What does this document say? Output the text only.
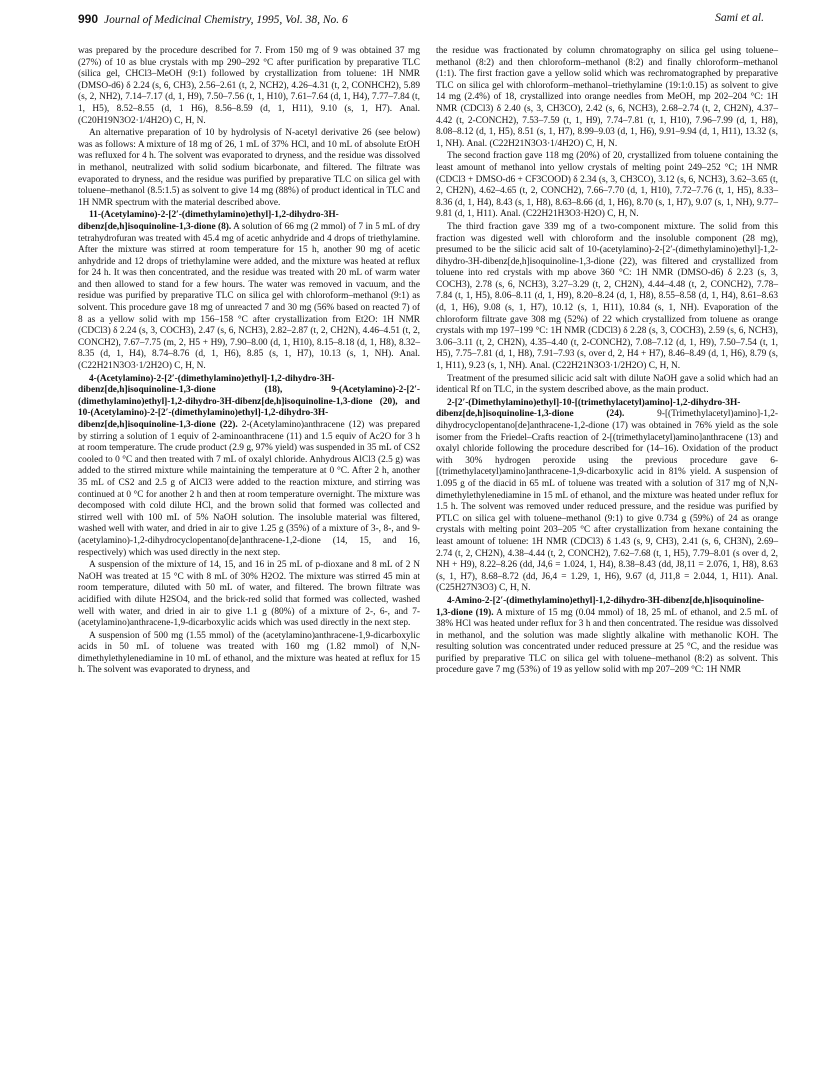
990 Journal of Medicinal Chemistry, 1995, Vol. 38, No. 6	Sami et al.

was prepared by the procedure described for 7. From 150 mg of 9 was obtained 37 mg (27%) of 10 as blue crystals with mp 290–292 °C after purification by preparative TLC (silica gel, CHCl3–MeOH (9:1) followed by crystallization from toluene: 1H NMR (DMSO-d6) δ 2.24 (s, 6, CH3), 2.56–2.61 (t, 2, NCH2), 4.26–4.31 (t, 2, CONHCH2), 5.89 (s, 2, NH2), 7.14–7.17 (d, 1, H9), 7.50–7.56 (t, 1, H10), 7.61–7.64 (d, 1, H4), 7.77–7.84 (t, 1, H5), 8.52–8.55 (d, 1 H6), 8.56–8.59 (d, 1, H11), 9.10 (s, 1, H7). Anal. (C20H19N3O2·1/4H2O) C, H, N.

An alternative preparation of 10 by hydrolysis of N-acetyl derivative 26 (see below) was as follows: A mixture of 18 mg of 26, 1 mL of 37% HCl, and 10 mL of absolute EtOH was refluxed for 4 h. The solvent was evaporated to dryness, and the residue was dissolved in methanol, neutralized with solid sodium bicarbonate, and filtered. The filtrate was evaporated to dryness, and the residue was purified by preparative TLC on silica gel with toluene–methanol (8.5:1.5) as solvent to give 14 mg (88%) of product identical in TLC and 1H NMR spectrum with the material described above.

11-(Acetylamino)-2-[2′-(dimethylamino)ethyl]-1,2-dihydro-3H-dibenz[de,h]isoquinoline-1,3-dione (8). A solution of 66 mg (2 mmol) of 7 in 5 mL of dry tetrahydrofuran was treated with 45.4 mg of acetic anhydride and 4 drops of triethylamine. After the mixture was stirred at room temperature for 15 h, another 90 mg of acetic anhydride and 12 drops of triethylamine were added, and the mixture was heated at reflux for 24 h. It was then concentrated, and the residue was treated with 20 mL of warm water and then allowed to stand for a few hours. The water was removed in vacuum, and the residue was purified by preparative TLC on silica gel with chloroform–methanol (9:1) as solvent. This procedure gave 18 mg of unreacted 7 and 30 mg (56% based on reacted 7) of 8 as a yellow solid with mp 156–158 °C after crystallization from Et2O: 1H NMR (CDCl3) δ 2.24 (s, 3, COCH3), 2.47 (s, 6, NCH3), 2.82–2.87 (t, 2, CH2N), 4.46–4.51 (t, 2, CONCH2), 7.67–7.75 (m, 2, H5 + H9), 7.90–8.00 (d, 1, H10), 8.15–8.18 (d, 1, H8), 8.32–8.35 (d, 1, H4), 8.74–8.76 (d, 1, H6), 8.85 (s, 1, H7), 10.13 (s, 1, NH). Anal. (C22H21N3O3·1/2H2O) C, H, N.

4-(Acetylamino)-2-[2′-(dimethylamino)ethyl]-1,2-dihydro-3H-dibenz[de,h]isoquinoline-1,3-dione (18), 9-(Acetylamino)-2-[2′-(dimethylamino)ethyl]-1,2-dihydro-3H-dibenz[de,h]isoquinoline-1,3-dione (20), and 10-(Acetylamino)-2-[2′-(dimethylamino)ethyl]-1,2-dihydro-3H-dibenz[de,h]isoquinoline-1,3-dione (22). 2-(Acetylamino)anthracene (12) was prepared by stirring a solution of 1 equiv of 2-aminoanthracene (11) and 1.5 equiv of Ac2O for 3 h at room temperature. The crude product (2.9 g, 97% yield) was suspended in 35 mL of CS2 cooled to 0 °C and then treated with 7 mL of oxalyl chloride. Anhydrous AlCl3 (2.5 g) was added to the stirred mixture while maintaining the temperature at 0 °C. After 2 h, another 35 mL of CS2 and 2.5 g of AlCl3 were added to the reaction mixture, and stirring was continued at 0 °C for another 2 h and then at room temperature overnight. The mixture was decomposed with cold dilute HCl, and the brown solid that formed was collected and stirred well with 100 mL of 5% NaOH solution. The insoluble material was filtered, washed well with water, and dried in air to give 1.25 g (35%) of a mixture of 3-, 8-, and 9-(acetylamino)-1,2-dihydrocyclopentano[de]anthracene-1,2-dione (14, 15, and 16, respectively) which was used directly in the next step.

A suspension of the mixture of 14, 15, and 16 in 25 mL of p-dioxane and 8 mL of 2 N NaOH was treated at 15 °C with 8 mL of 30% H2O2. The mixture was stirred 45 min at room temperature, diluted with 50 mL of water, and filtered. The brown filtrate was acidified with dilute H2SO4, and the brick-red solid that formed was collected, washed well with water, and dried in air to give 1.1 g (80%) of a mixture of 2-, 6-, and 7-(acetylamino)anthracene-1,9-dicarboxylic acids which was used directly in the next step.

A suspension of 500 mg (1.55 mmol) of the (acetylamino)anthracene-1,9-dicarboxylic acids in 50 mL of toluene was treated with 160 mg (1.82 mmol) of N,N-dimethylethylenediamine in 10 mL of ethanol, and the mixture was heated at reflux for 15 h. The solvent was evaporated to dryness, and

the residue was fractionated by column chromatography on silica gel using toluene–methanol (8:2) and then chloroform–methanol (8:2) and finally chloroform–methanol (1:1). The first fraction gave a yellow solid which was rechromatographed by preparative TLC on silica gel with chloroform–methanol–triethylamine (19:1:0.15) as solvent to give 14 mg (2.4%) of 18, crystallized into orange needles from MeOH, mp 202–204 °C: 1H NMR (CDCl3) δ 2.40 (s, 3, CH3CO), 2.42 (s, 6, NCH3), 2.68–2.74 (t, 2, CH2N), 4.37–4.42 (t, 2-CONCH2), 7.53–7.59 (t, 1, H9), 7.74–7.81 (t, 1, H10), 7.96–7.99 (d, 1, H8), 8.08–8.12 (d, 1, H5), 8.51 (s, 1, H7), 8.99–9.03 (d, 1, H6), 9.91–9.94 (d, 1, H11), 13.32 (s, 1, NH). Anal. (C22H21N3O3·1/4H2O) C, H, N.

The second fraction gave 118 mg (20%) of 20, crystallized from toluene containing the least amount of methanol into yellow crystals of melting point 249–252 °C; 1H NMR (CDCl3 + DMSO-d6 + CF3COOD) δ 2.34 (s, 3, CH3CO), 3.12 (s, 6, NCH3), 3.62–3.65 (t, 2, CH2N), 4.62–4.65 (t, 2, CONCH2), 7.66–7.70 (d, 1, H10), 7.72–7.76 (t, 1, H5), 8.33–8.36 (d, 1, H4), 8.43 (s, 1, H8), 8.63–8.66 (d, 1, H6), 8.70 (s, 1, H7), 9.07 (s, 1, NH), 9.77–9.81 (d, 1, H11). Anal. (C22H21H3O3·H2O) C, H, N.

The third fraction gave 339 mg of a two-component mixture. The solid from this fraction was digested well with chloroform and the insoluble component (28 mg), presumed to be the silicic acid salt of 10-(acetylamino)-2-[2′-(dimethylamino)ethyl]-1,2-dihydro-3H-dibenz[de,h]isoquinoline-1,3-dione (22), was filtered and crystallized from toluene into red crystals with mp above 360 °C: 1H NMR (DMSO-d6) δ 2.23 (s, 3, COCH3), 2.78 (s, 6, NCH3), 3.27–3.29 (t, 2, CH2N), 4.44–4.48 (t, 2, CONCH2), 7.78–7.84 (t, 1, H5), 8.06–8.11 (d, 1, H9), 8.20–8.24 (d, 1, H8), 8.55–8.58 (d, 1, H4), 8.61–8.63 (d, 1, H6), 9.08 (s, 1, H7), 10.12 (s, 1, H11), 10.84 (s, 1, NH). Evaporation of the chloroform filtrate gave 308 mg (52%) of 22 which crystallized from toluene as orange crystals with mp 197–199 °C: 1H NMR (CDCl3) δ 2.28 (s, 3, COCH3), 2.59 (s, 6, NCH3), 3.06–3.11 (t, 2, CH2N), 4.35–4.40 (t, 2-CONCH2), 7.08–7.12 (d, 1, H9), 7.50–7.54 (t, 1, H5), 7.75–7.81 (d, 1, H8), 7.91–7.93 (s, over d, 2, H4 + H7), 8.46–8.49 (d, 1, H6), 8.79 (s, 1, H11), 9.23 (s, 1, NH). Anal. (C22H21N3O3·1/2H2O) C, H, N.

Treatment of the presumed silicic acid salt with dilute NaOH gave a solid which had an identical Rf on TLC, in the system described above, as the main product.

2-[2′-(Dimethylamino)ethyl]-10-[(trimethylacetyl)amino]-1,2-dihydro-3H-dibenz[de,h]isoquinoline-1,3-dione (24). 9-[(Trimethylacetyl)amino]-1,2-dihydrocyclopentano[de]anthracene-1,2-dione (17) was obtained in 76% yield as the sole isomer from the Friedel–Crafts reaction of 2-[(trimethylacetyl)amino]anthracene (13) and oxalyl chloride following the procedure described for (14–16). Oxidation of the product with 30% hydrogen peroxide using the previous procedure gave 6-[(trimethylacetyl)amino]anthracene-1,9-dicarboxylic acid in 81% yield. A suspension of 1.095 g of the diacid in 65 mL of toluene was treated with a solution of 317 mg of N,N-dimethylethylenediamine in 15 mL of ethanol, and the mixture was heated under reflux for 1.5 h. The solvent was removed under reduced pressure, and the residue was purified by PTLC on silica gel with toluene–methanol (9:1) to give 0.734 g (59%) of 24 as orange crystals with melting point 203–205 °C after crystallization from hexane containing the least amount of toluene: 1H NMR (CDCl3) δ 1.43 (s, 9, CH3), 2.41 (s, 6, CH3N), 2.69–2.74 (t, 2, CH2N), 4.38–4.44 (t, 2, CONCH2), 7.62–7.68 (t, 1, H5), 7.79–8.01 (s over d, 2, NH + H9), 8.22–8.26 (dd, J4,6 = 1.024, 1, H4), 8.38–8.43 (dd, J8,11 = 2.076, 1, H8), 8.63 (s, 1, H7), 8.68–8.72 (dd, J6,4 = 1.29, 1, H6), 9.67 (d, J11,8 = 2.044, 1, H11). Anal. (C25H27N3O3) C, H, N.

4-Amino-2-[2′-(dimethylamino)ethyl]-1,2-dihydro-3H-dibenz[de,h]isoquinoline-1,3-dione (19). A mixture of 15 mg (0.04 mmol) of 18, 25 mL of ethanol, and 2.5 mL of 38% HCl was heated under reflux for 3 h and then concentrated. The residue was dissolved in methanol, and the solution was made slightly alkaline with methanolic KOH. The resulting solution was concentrated under reduced pressure at 25 °C, and the residue was purified by preparative TLC on silica gel with toluene–methanol (8:2) as solvent. This procedure gave 7 mg (53%) of 19 as yellow solid with mp 207–209 °C: 1H NMR
